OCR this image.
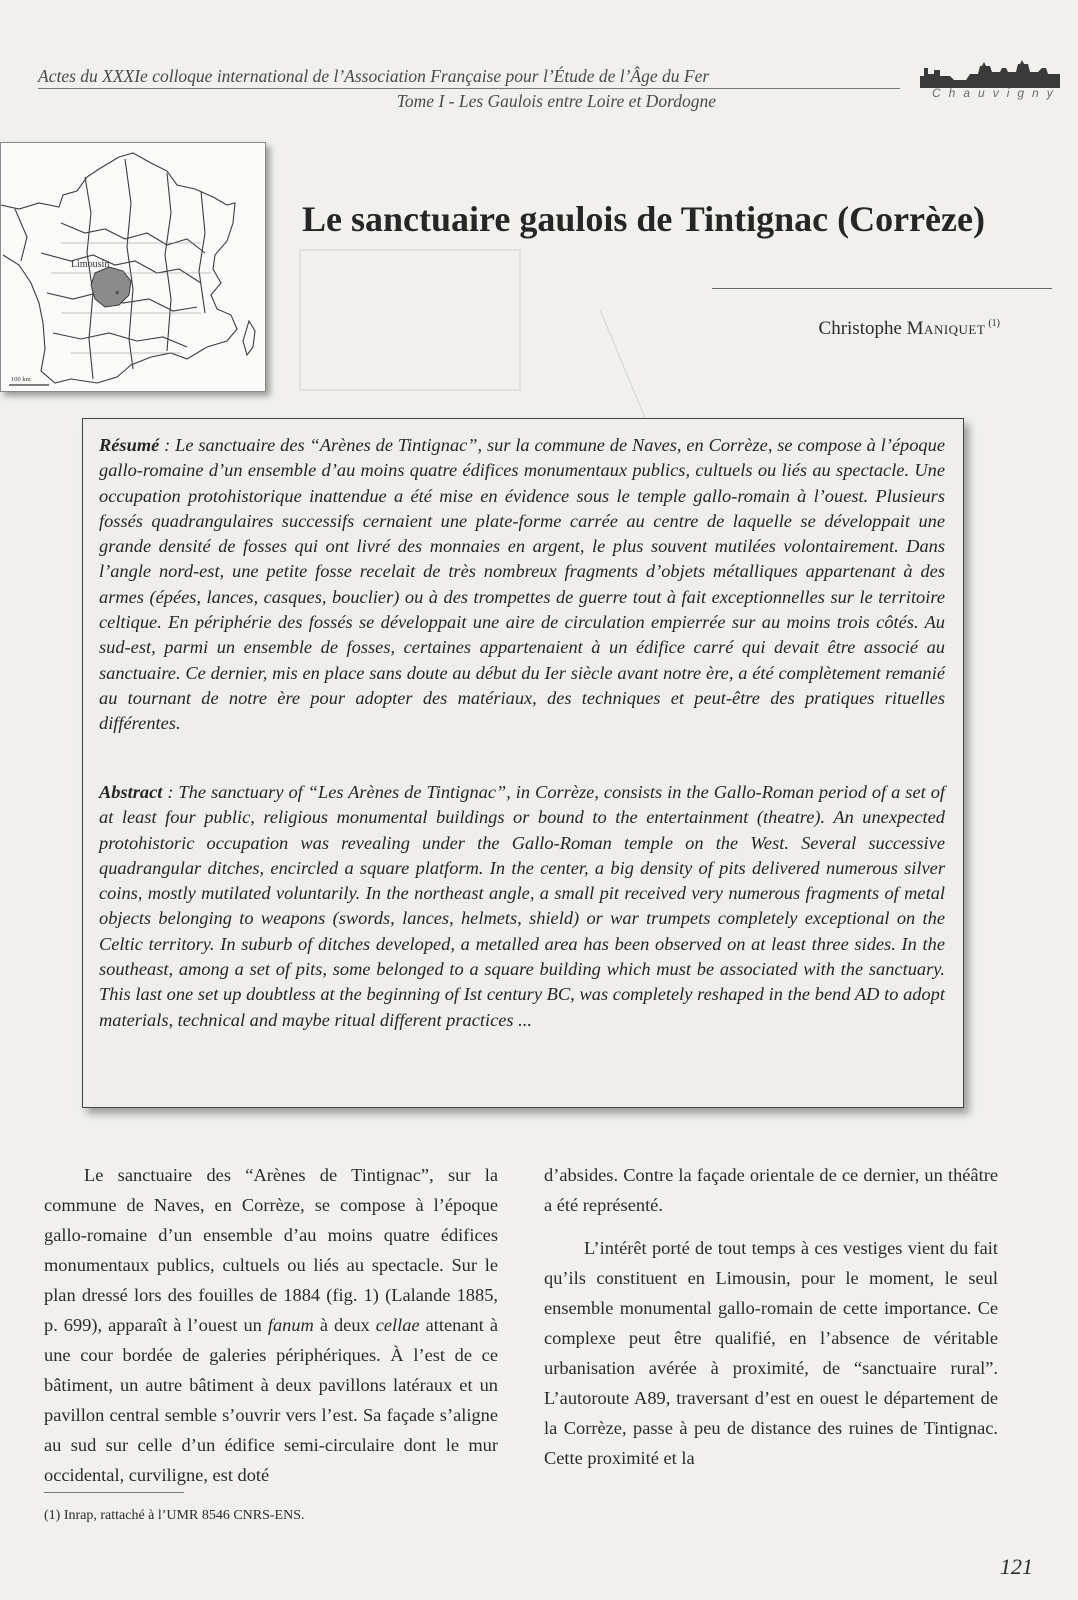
Actes du XXXIe colloque international de l’Association Française pour l’Étude de l’Âge du Fer
Tome I - Les Gaulois entre Loire et Dordogne	Chauvigny
*
Limousin
100 km
Le sanctuaire gaulois de Tintignac (Corrèze)
Christophe Maniquet $^{(1)}$
Résumé : Le sanctuaire des “Arènes de Tintignac”, sur la commune de Naves, en Corrèze, se compose à l’époque gallo-romaine d’un ensemble d’au moins quatre édifices monumentaux publics, cultuels ou liés au spectacle. Une occupation protohistorique inattendue a été mise en évidence sous le temple gallo-romain à l’ouest. Plusieurs fossés quadrangulaires successifs cernaient une plate-forme carrée au centre de laquelle se développait une grande densité de fosses qui ont livré des monnaies en argent, le plus souvent mutilées volontairement. Dans l’angle nord-est, une petite fosse recelait de très nombreux fragments d’objets métalliques appartenant à des armes (épées, lances, casques, bouclier) ou à des trompettes de guerre tout à fait exceptionnelles sur le territoire celtique. En périphérie des fossés se développait une aire de circulation empierrée sur au moins trois côtés. Au sud-est, parmi un ensemble de fosses, certaines appartenaient à un édifice carré qui devait être associé au sanctuaire. Ce dernier, mis en place sans doute au début du Ier siècle avant notre ère, a été complètement remanié au tournant de notre ère pour adopter des matériaux, des techniques et peut-être des pratiques rituelles différentes.
Abstract : The sanctuary of “Les Arènes de Tintignac”, in Corrèze, consists in the Gallo-Roman period of a set of at least four public, religious monumental buildings or bound to the entertainment (theatre). An unexpected protohistoric occupation was revealing under the Gallo-Roman temple on the West. Several successive quadrangular ditches, encircled a square platform. In the center, a big density of pits delivered numerous silver coins, mostly mutilated voluntarily. In the northeast angle, a small pit received very numerous fragments of metal objects belonging to weapons (swords, lances, helmets, shield) or war trumpets completely exceptional on the Celtic territory. In suburb of ditches developed, a metalled area has been observed on at least three sides. In the southeast, among a set of pits, some belonged to a square building which must be associated with the sanctuary. This last one set up doubtless at the beginning of Ist century BC, was completely reshaped in the bend AD to adopt materials, technical and maybe ritual different practices ...

Le sanctuaire des “Arènes de Tintignac”, sur la commune de Naves, en Corrèze, se compose à l’époque gallo-romaine d’un ensemble d’au moins quatre édifices monumentaux publics, cultuels ou liés au spectacle. Sur le plan dressé lors des fouilles de 1884 (fig. 1) (Lalande 1885, p. 699), apparaît à l’ouest un fanum à deux cellae attenant à une cour bordée de galeries périphériques. À l’est de ce bâtiment, un autre bâtiment à deux pavillons latéraux et un pavillon central semble s’ouvrir vers l’est. Sa façade s’aligne au sud sur celle d’un édifice semi-circulaire dont le mur occidental, curviligne, est doté

d’absides. Contre la façade orientale de ce dernier, un théâtre a été représenté.

L’intérêt porté de tout temps à ces vestiges vient du fait qu’ils constituent en Limousin, pour le moment, le seul ensemble monumental gallo-romain de cette importance. Ce complexe peut être qualifié, en l’absence de véritable urbanisation avérée à proximité, de “sanctuaire rural”. L’autoroute A89, traversant d’est en ouest le département de la Corrèze, passe à peu de distance des ruines de Tintignac. Cette proximité et la

(1) Inrap, rattaché à l’UMR 8546 CNRS-ENS.
121
